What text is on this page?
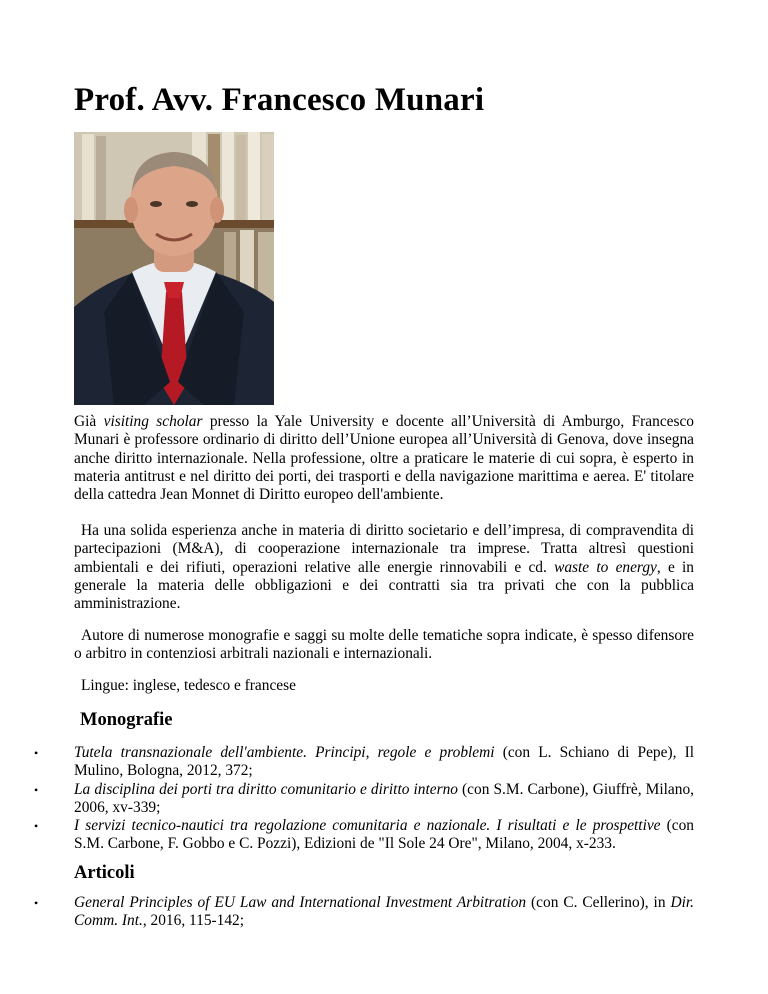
Prof. Avv. Francesco Munari

Già visiting scholar presso la Yale University e docente all’Università di Amburgo, Francesco Munari è professore ordinario di diritto dell’Unione europea all’Università di Genova, dove insegna anche diritto internazionale. Nella professione, oltre a praticare le materie di cui sopra, è esperto in materia antitrust e nel diritto dei porti, dei trasporti e della navigazione marittima e aerea. E' titolare della cattedra Jean Monnet di Diritto europeo dell'ambiente.

Ha una solida esperienza anche in materia di diritto societario e dell’impresa, di compravendita di partecipazioni (M&A), di cooperazione internazionale tra imprese. Tratta altresì questioni ambientali e dei rifiuti, operazioni relative alle energie rinnovabili e cd. waste to energy, e in generale la materia delle obbligazioni e dei contratti sia tra privati che con la pubblica amministrazione.

Autore di numerose monografie e saggi su molte delle tematiche sopra indicate, è spesso difensore o arbitro in contenziosi arbitrali nazionali e internazionali.

Lingue: inglese, tedesco e francese

Monografie
• Tutela transnazionale dell'ambiente. Principi, regole e problemi (con L. Schiano di Pepe), Il Mulino, Bologna, 2012, 372;
• La disciplina dei porti tra diritto comunitario e diritto interno (con S.M. Carbone), Giuffrè, Milano, 2006, xv-339;
• I servizi tecnico-nautici tra regolazione comunitaria e nazionale. I risultati e le prospettive (con S.M. Carbone, F. Gobbo e C. Pozzi), Edizioni de "Il Sole 24 Ore", Milano, 2004, x-233.
Articoli
• General Principles of EU Law and International Investment Arbitration (con C. Cellerino), in Dir. Comm. Int., 2016, 115-142;
